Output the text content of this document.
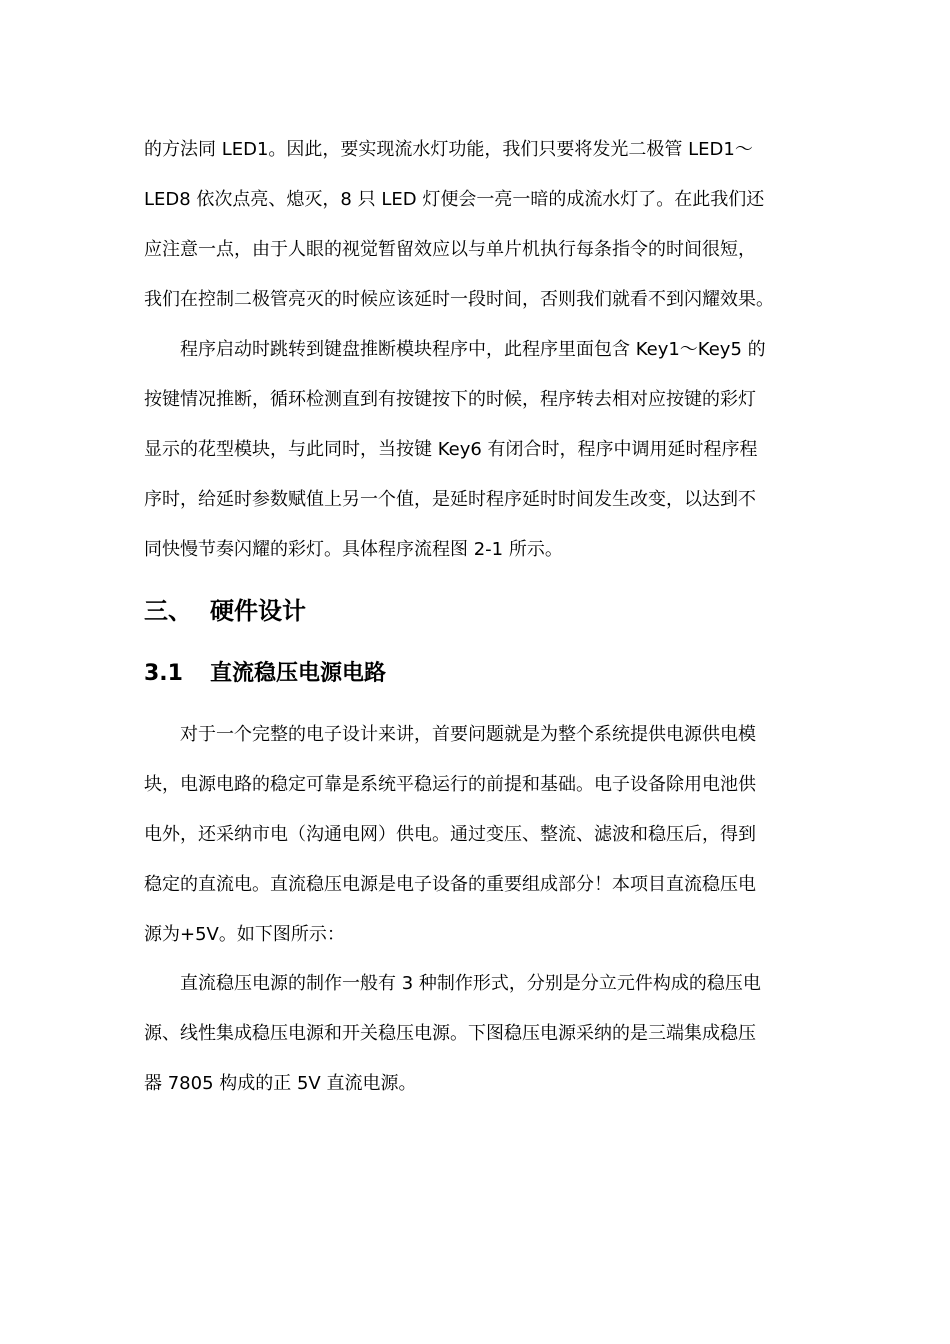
的方法同 LED1。因此，要实现流水灯功能，我们只要将发光二极管 LED1～
LED8 依次点亮、熄灭，8 只 LED 灯便会一亮一暗的成流水灯了。在此我们还
应注意一点，由于人眼的视觉暂留效应以与单片机执行每条指令的时间很短，
我们在控制二极管亮灭的时候应该延时一段时间，否则我们就看不到闪耀效果。
程序启动时跳转到键盘推断模块程序中，此程序里面包含 Key1～Key5 的
按键情况推断，循环检测直到有按键按下的时候，程序转去相对应按键的彩灯
显示的花型模块，与此同时，当按键 Key6 有闭合时，程序中调用延时程序程
序时，给延时参数赋值上另一个值，是延时程序延时时间发生改变，以达到不
同快慢节奏闪耀的彩灯。具体程序流程图 2-1 所示。
三、 硬件设计
3.1 直流稳压电源电路
对于一个完整的电子设计来讲，首要问题就是为整个系统提供电源供电模
块，电源电路的稳定可靠是系统平稳运行的前提和基础。电子设备除用电池供
电外，还采纳市电（沟通电网）供电。通过变压、整流、滤波和稳压后，得到
稳定的直流电。直流稳压电源是电子设备的重要组成部分！本项目直流稳压电
源为+5V。如下图所示：
直流稳压电源的制作一般有 3 种制作形式，分别是分立元件构成的稳压电
源、线性集成稳压电源和开关稳压电源。下图稳压电源采纳的是三端集成稳压
器 7805 构成的正 5V 直流电源。
